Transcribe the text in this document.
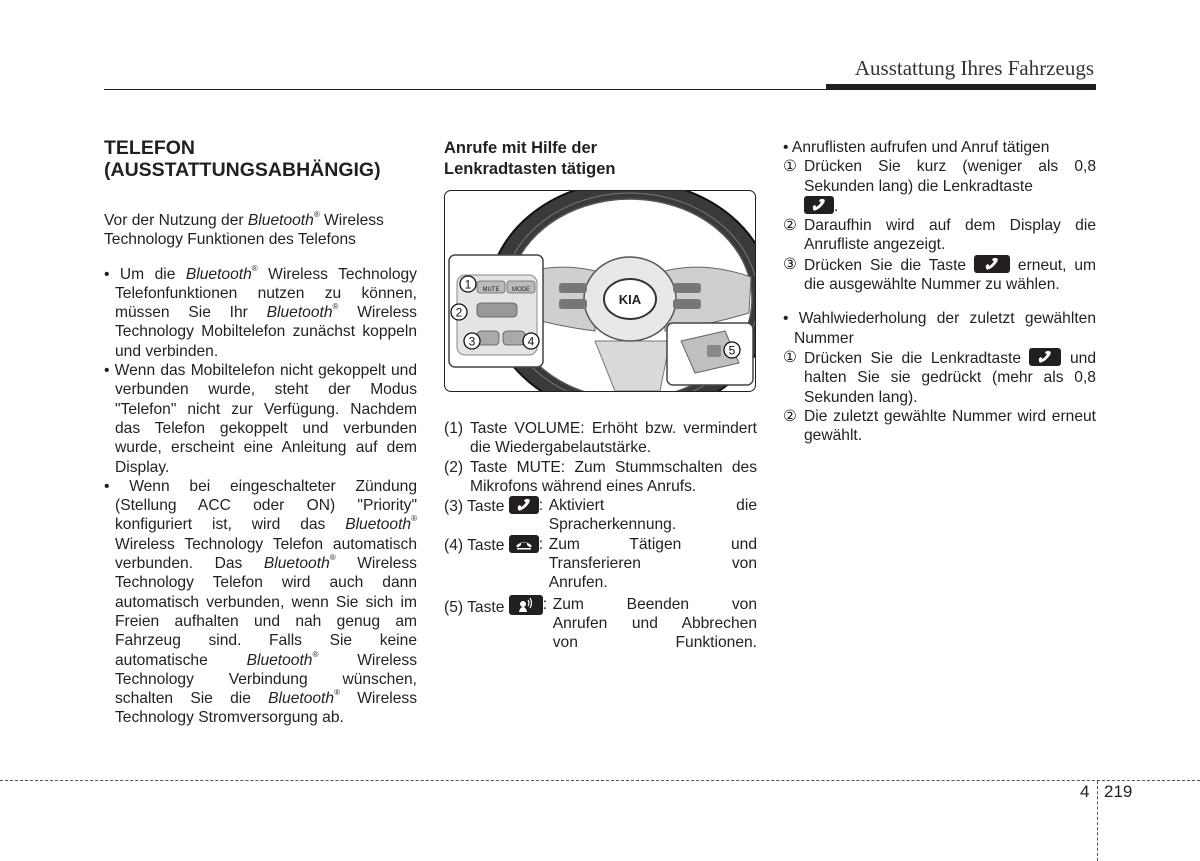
Ausstattung Ihres Fahrzeugs
TELEFON
(AUSSTATTUNGSABHÄNGIG)

Vor der Nutzung der Bluetooth® Wireless Technology Funktionen des Telefons

• Um die Bluetooth® Wireless Technology Telefonfunktionen nutzen zu können, müssen Sie Ihr Bluetooth® Wireless Technology Mobiltelefon zunächst koppeln und verbinden.

• Wenn das Mobiltelefon nicht gekoppelt und verbunden wurde, steht der Modus "Telefon" nicht zur Verfügung. Nachdem das Telefon gekoppelt und verbunden wurde, erscheint eine Anleitung auf dem Display.

• Wenn bei eingeschalteter Zündung (Stellung ACC oder ON) "Priority" konfiguriert ist, wird das Bluetooth® Wireless Technology Telefon automatisch verbunden. Das Bluetooth® Wireless Technology Telefon wird auch dann automatisch verbunden, wenn Sie sich im Freien aufhalten und nah genug am Fahrzeug sind. Falls Sie keine automatische Bluetooth® Wireless Technology Verbindung wünschen, schalten Sie die Bluetooth® Wireless Technology Stromversorgung ab.

Anrufe mit Hilfe der
Lenkradtasten tätigen
KIA
MUTE MODE
1
2
3	4
5

(1) Taste VOLUME: Erhöht bzw. vermindert die Wiedergabelautstärke.

(2) Taste MUTE: Zum Stummschalten des Mikrofons während eines Anrufs.

(3) Taste	: Aktiviert die
Spracherkennung.
(4) Taste	: Zum Tätigen und
Transferieren von
Anrufen.
(5) Taste	: Zum Beenden von
Anrufen und Abbrechen
von Funktionen.

• Anruflisten aufrufen und Anruf tätigen

① Drücken Sie kurz (weniger als 0,8 Sekunden lang) die Lenkradtaste

.
② Daraufhin wird auf dem Display die Anrufliste angezeigt.
③ Drücken Sie die Taste	erneut, um die ausgewählte Nummer zu wählen.

• Wahlwiederholung der zuletzt gewählten Nummer

① Drücken Sie die Lenkradtaste	und halten Sie sie gedrückt (mehr als 0,8 Sekunden lang).
② Die zuletzt gewählte Nummer wird erneut gewählt.
4 219
